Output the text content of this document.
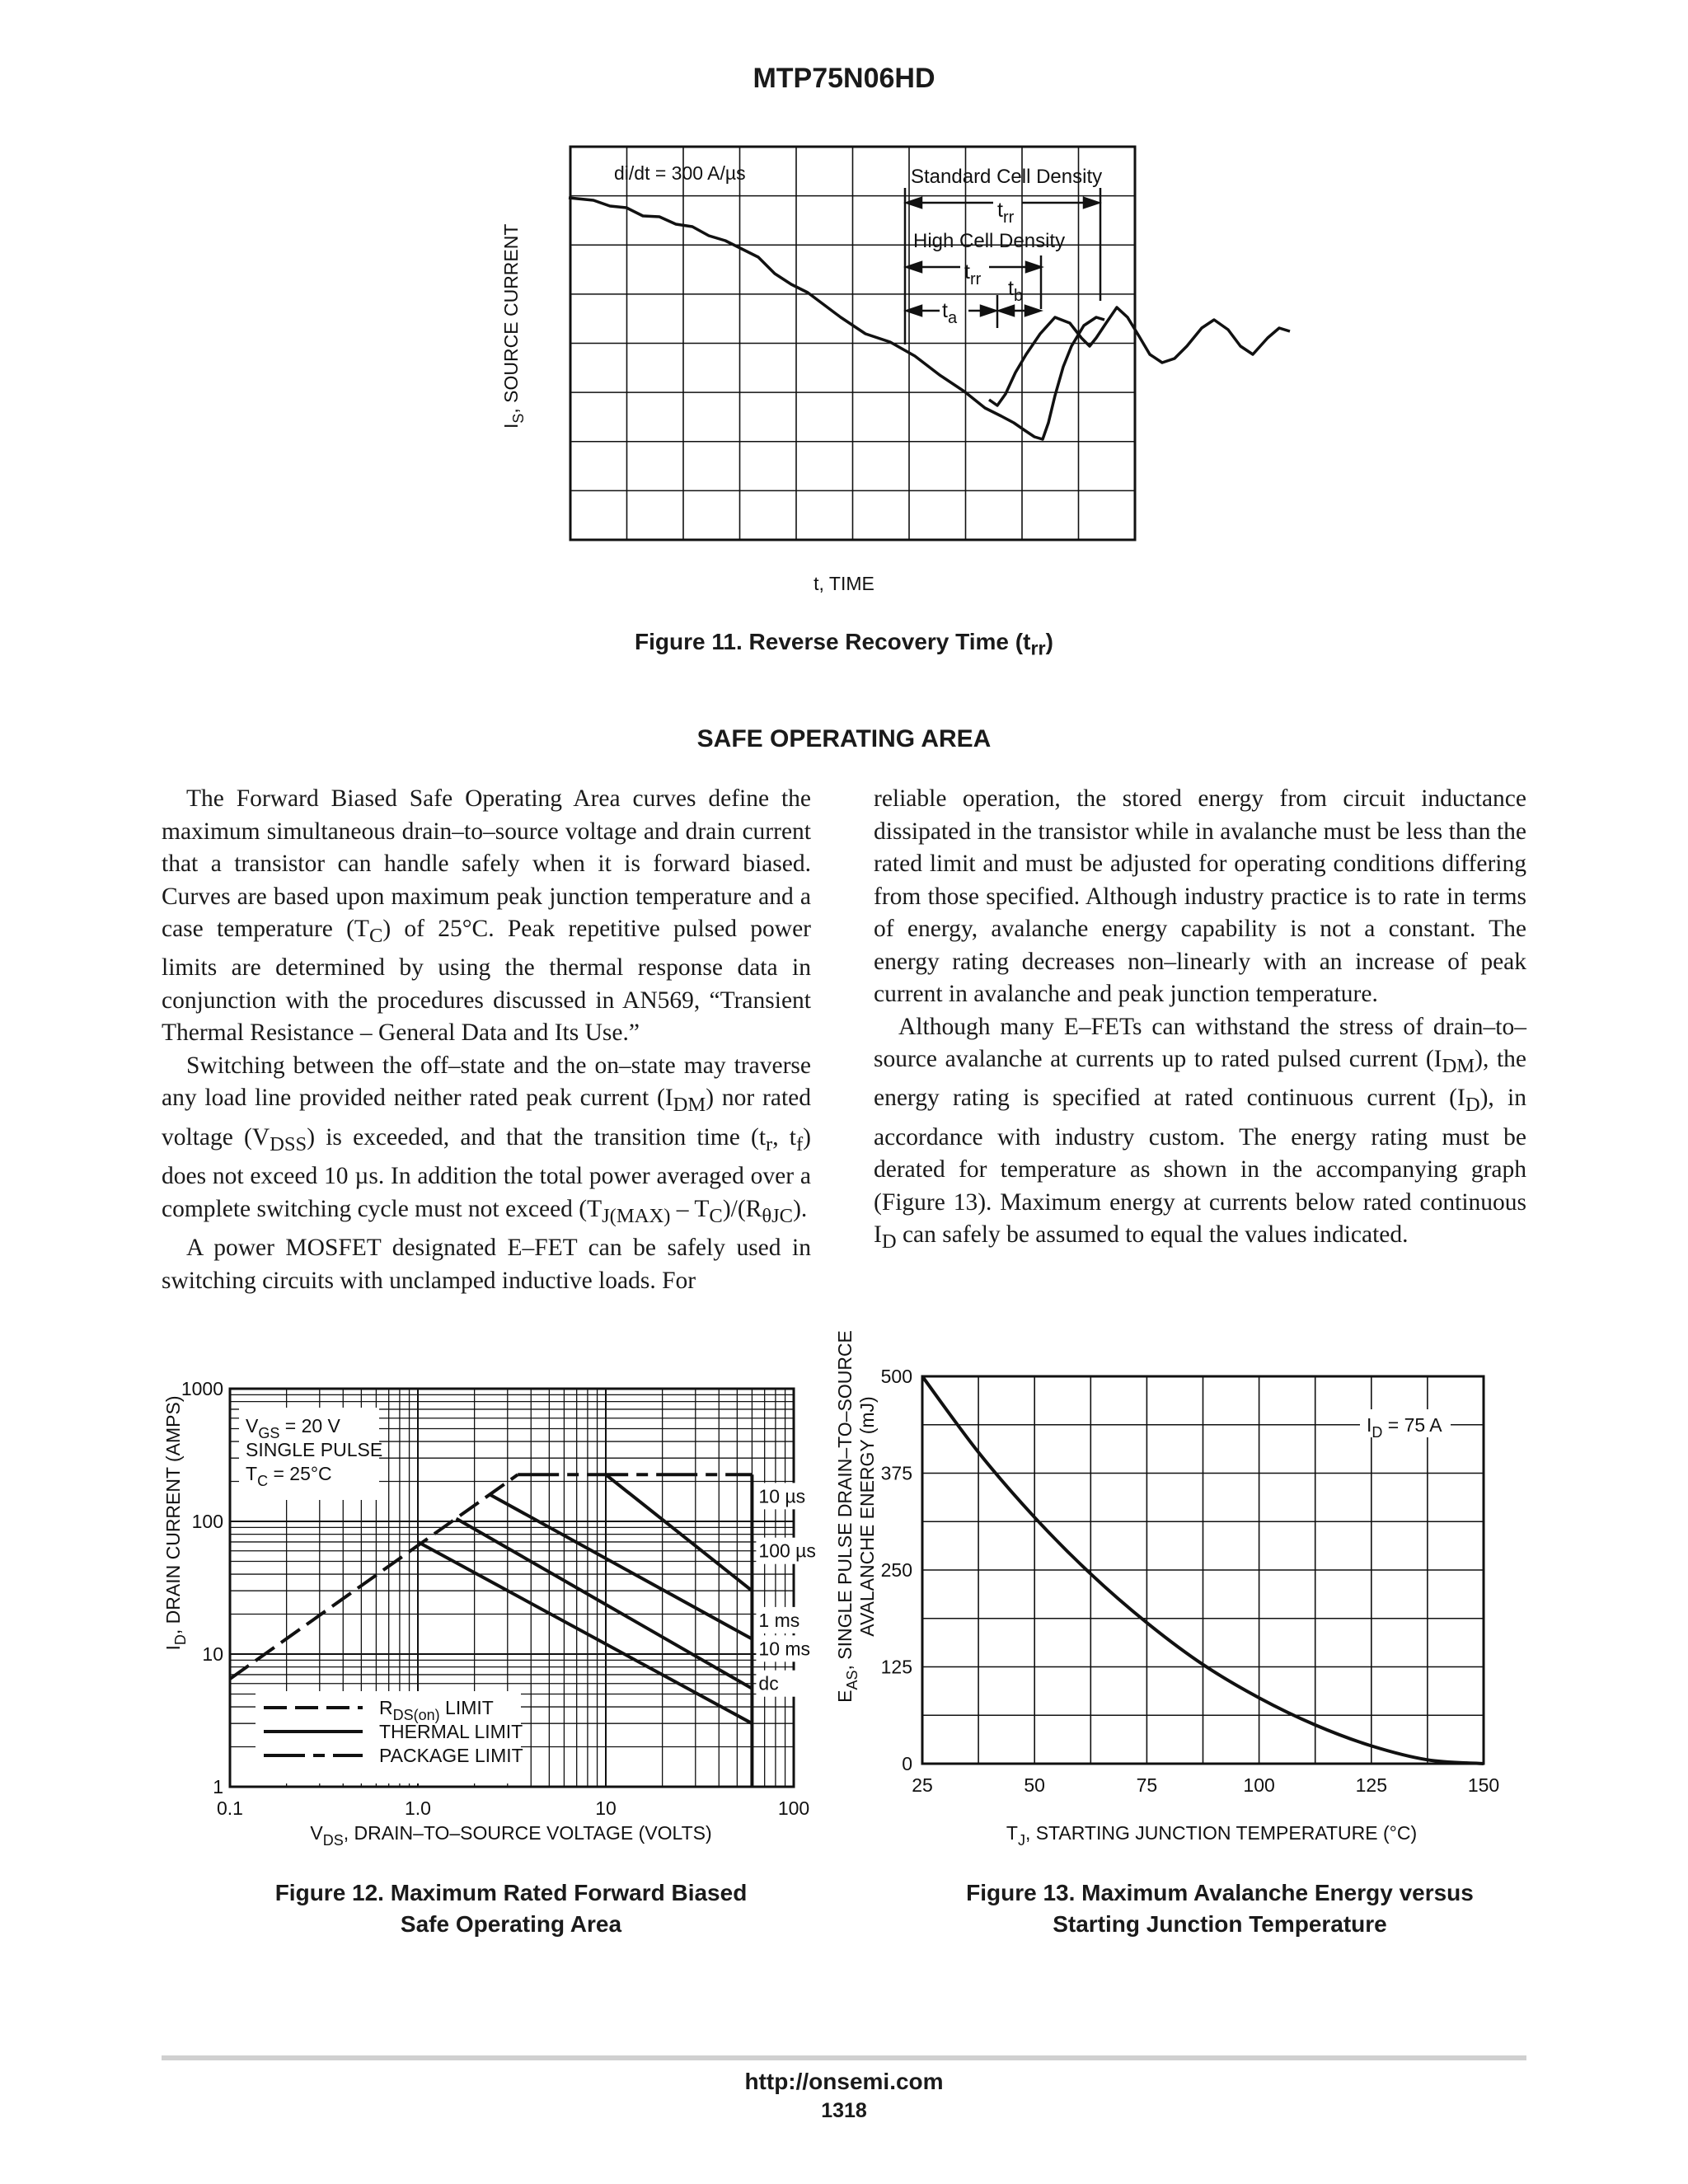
MTP75N06HD
di/dt = 300 A/µs	Standard Cell Density
$t_{rr}$
High Cell Density
$t_{rr}$
$t_a$
$t_b$
$I_S$, SOURCE CURRENT
t, TIME
Figure 11. Reverse Recovery Time $(t_{rr})$
SAFE OPERATING AREA

The Forward Biased Safe Operating Area curves define the maximum simultaneous drain–to–source voltage and drain current that a transistor can handle safely when it is forward biased. Curves are based upon maximum peak junction temperature and a case temperature $(T_C)$ of 25°C. Peak repetitive pulsed power limits are determined by using the thermal response data in conjunction with the procedures discussed in AN569, “Transient Thermal Resistance – General Data and Its Use.”

Switching between the off–state and the on–state may traverse any load line provided neither rated peak current $(I_{DM})$ nor rated voltage $(V_{DSS})$ is exceeded, and that the transition time ($t_r$, $t_f$) does not exceed 10 µs. In addition the total power averaged over a complete switching cycle must not exceed $(T_{J(MAX)} - T_C)/(R_{\theta JC})$.

A power MOSFET designated E–FET can be safely used in switching circuits with unclamped inductive loads. For

reliable operation, the stored energy from circuit inductance dissipated in the transistor while in avalanche must be less than the rated limit and must be adjusted for operating conditions differing from those specified. Although industry practice is to rate in terms of energy, avalanche energy capability is not a constant. The energy rating decreases non–linearly with an increase of peak current in avalanche and peak junction temperature.

Although many E–FETs can withstand the stress of drain–to–source avalanche at currents up to rated pulsed current $(I_{DM})$, the energy rating is specified at rated continuous current $(I_D)$, in accordance with industry custom. The energy rating must be derated for temperature as shown in the accompanying graph (Figure 13). Maximum energy at currents below rated continuous $I_D$ can safely be assumed to equal the values indicated.

0.1	1.0	10	100
1
10
100
1000
$V_{GS} = 20$ V
SINGLE PULSE
$T_C = 25^\circ C$
$R_{DS(on)}$ LIMIT
THERMAL LIMIT
PACKAGE LIMIT
10 µs
100 µs
1 ms
10 ms
dc
$V_{DS}$, DRAIN–TO–SOURCE VOLTAGE (VOLTS)
$I_D$, DRAIN CURRENT (AMPS)
25	50	75	100	125	150
0
125
250
375
500
$I_D = 75$ A
$T_J$, STARTING JUNCTION TEMPERATURE (°C)
$E_{AS}$, SINGLE PULSE DRAIN–TO–SOURCE AVALANCHE ENERGY (mJ)
Figure 12. Maximum Rated Forward Biased
Safe Operating Area
Figure 13. Maximum Avalanche Energy versus
Starting Junction Temperature
http://onsemi.com
1318
